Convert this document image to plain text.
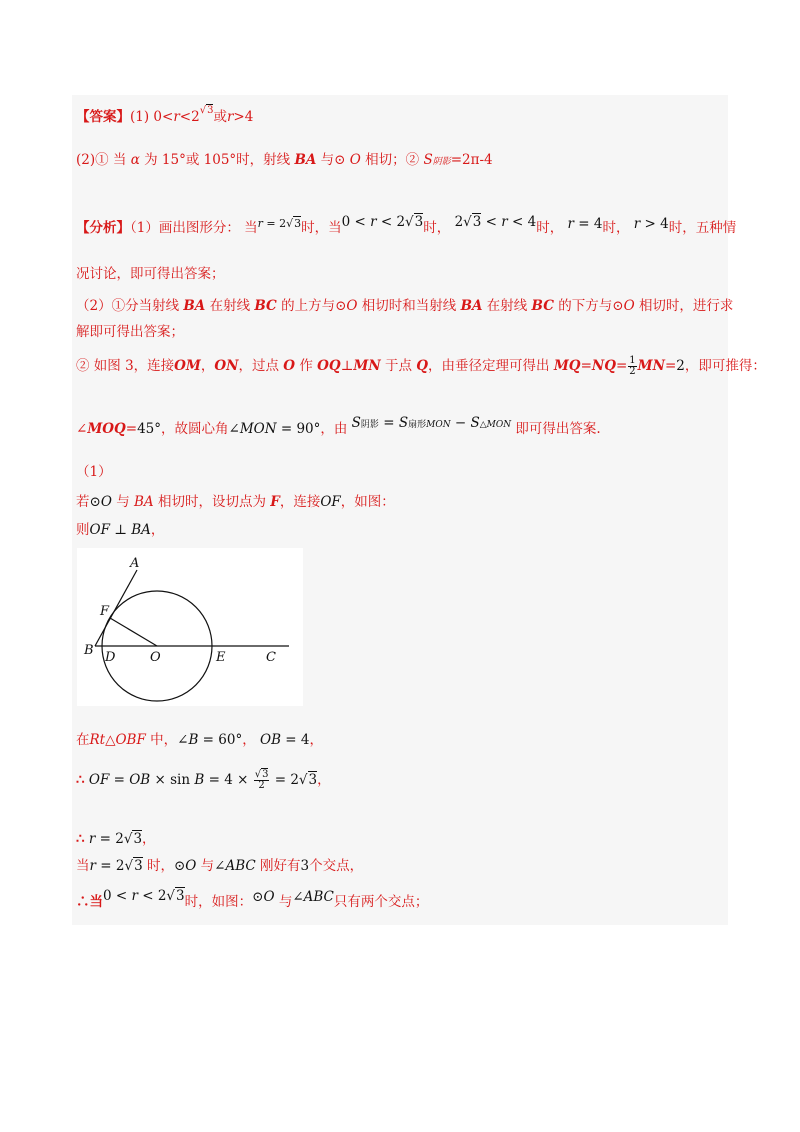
【答案】(1) $0<r<2^{√3}$或r>4
(2)① 当 α 为 15°或 105°时，射线 BA 与⊙ O 相切；② S阴影=2π-4
【分析】（1）画出图形分： 当$^{r = 2√3}$时，当0 < r < 2√3时， 2√3 < r < 4时， r = 4时， r > 4时，五种情
况讨论，即可得出答案；
（2）①分当射线 BA 在射线 BC 的上方与⊙O 相切时和当射线 BA 在射线 BC 的下方与⊙O 相切时，进行求
解即可得出答案；
② 如图 3，连接OM，ON，过点 O 作 OQ⊥MN 于点 Q，由垂径定理可得出 $MQ=NQ= \frac{1}{2} MN=2$，即可推得：
∠MOQ=45°，故圆心角∠MON = 90°，由 S阴影 = S扇形MON − S△MON 即可得出答案.
（1）
若⊙O 与 BA 相切时，设切点为 F，连接OF，如图：
则OF ⊥ BA，
A
F
B D	O	E	C
在Rt△OBF 中，∠B = 60°， OB = 4，
∴ OF = OB × $\sin B = 4 \times \frac{√3}{2} = 2√3$，
∴ r = 2√3，
当r = 2√3 时，⊙O 与∠ABC 刚好有3个交点，
∴当0 < r < 2√3时，如图：⊙O 与∠ABC只有两个交点；
